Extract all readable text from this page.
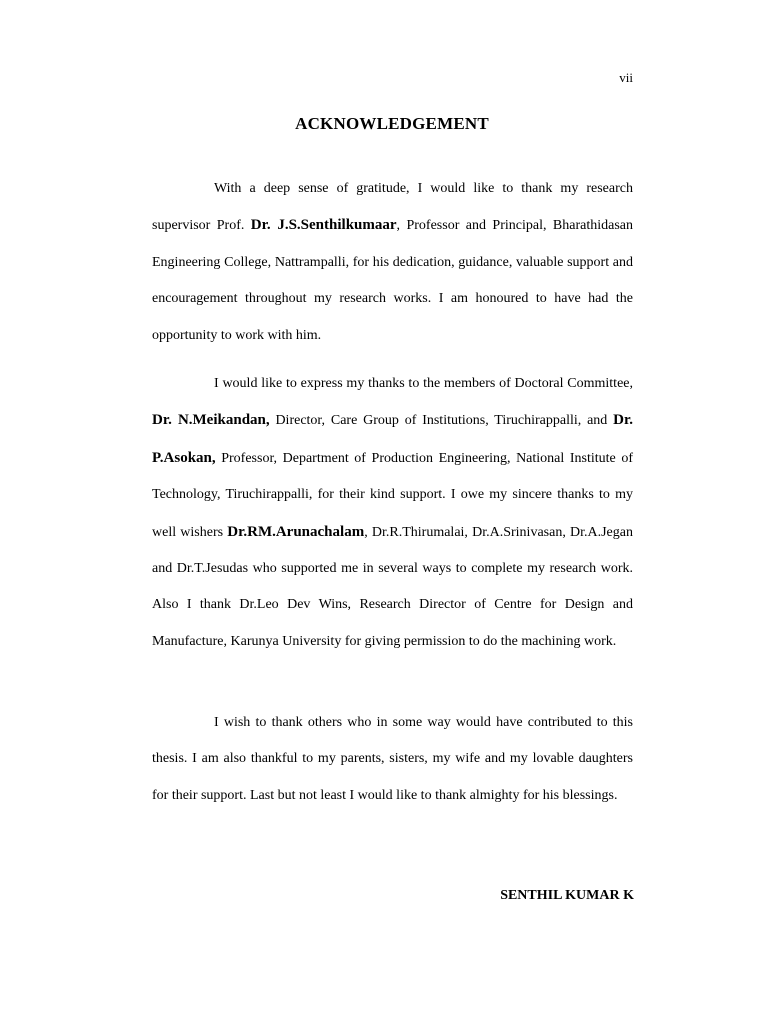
vii
ACKNOWLEDGEMENT

With a deep sense of gratitude, I would like to thank my research supervisor Prof. Dr. J.S.Senthilkumaar, Professor and Principal, Bharathidasan Engineering College, Nattrampalli, for his dedication, guidance, valuable support and encouragement throughout my research works. I am honoured to have had the opportunity to work with him.

I would like to express my thanks to the members of Doctoral Committee, Dr. N.Meikandan, Director, Care Group of Institutions, Tiruchirappalli, and Dr. P.Asokan, Professor, Department of Production Engineering, National Institute of Technology, Tiruchirappalli, for their kind support. I owe my sincere thanks to my well wishers Dr.RM.Arunachalam, Dr.R.Thirumalai, Dr.A.Srinivasan, Dr.A.Jegan and Dr.T.Jesudas who supported me in several ways to complete my research work. Also I thank Dr.Leo Dev Wins, Research Director of Centre for Design and Manufacture, Karunya University for giving permission to do the machining work.

I wish to thank others who in some way would have contributed to this thesis. I am also thankful to my parents, sisters, my wife and my lovable daughters for their support. Last but not least I would like to thank almighty for his blessings.

SENTHIL KUMAR K
